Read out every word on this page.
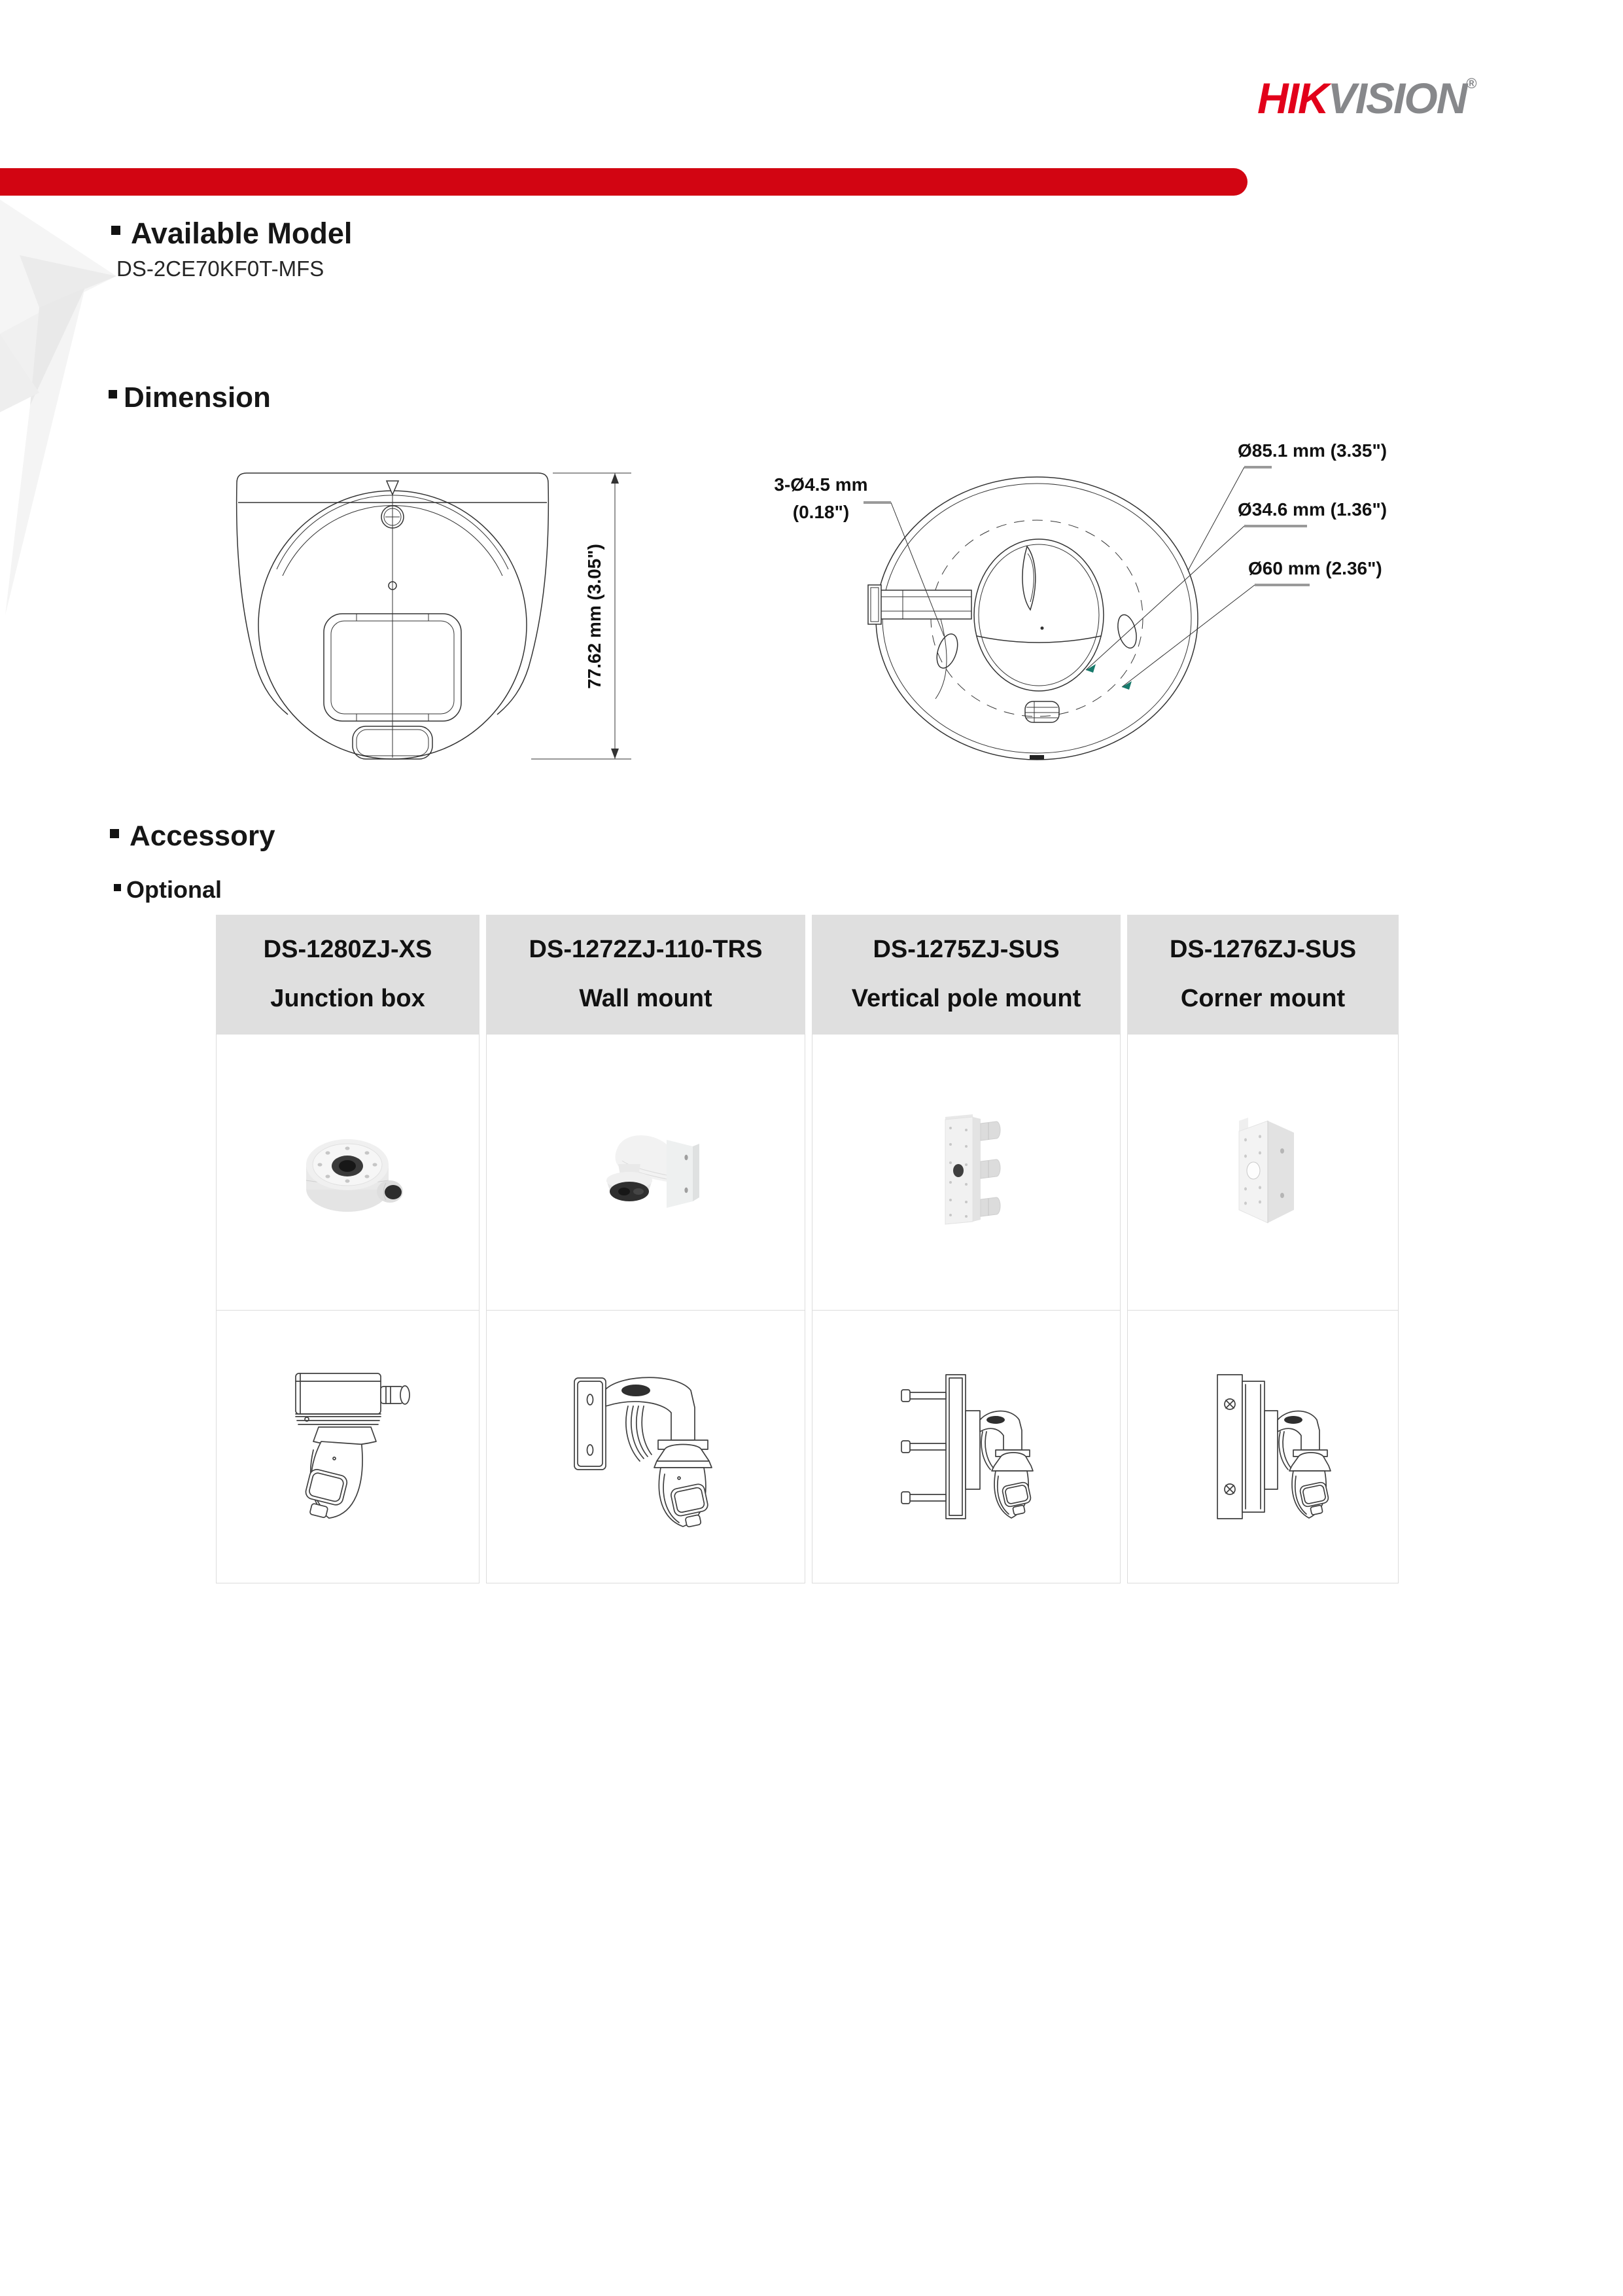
HIKVISION®
Available Model
DS-2CE70KF0T-MFS
Dimension
77.62 mm (3.05")
3-Ø4.5 mm
(0.18")
Ø85.1 mm (3.35")
Ø34.6 mm (1.36")
Ø60 mm (2.36")
Accessory
Optional
DS-1280ZJ-XS
Junction box
DS-1272ZJ-110-TRS
Wall mount
DS-1275ZJ-SUS
Vertical pole mount
DS-1276ZJ-SUS
Corner mount
